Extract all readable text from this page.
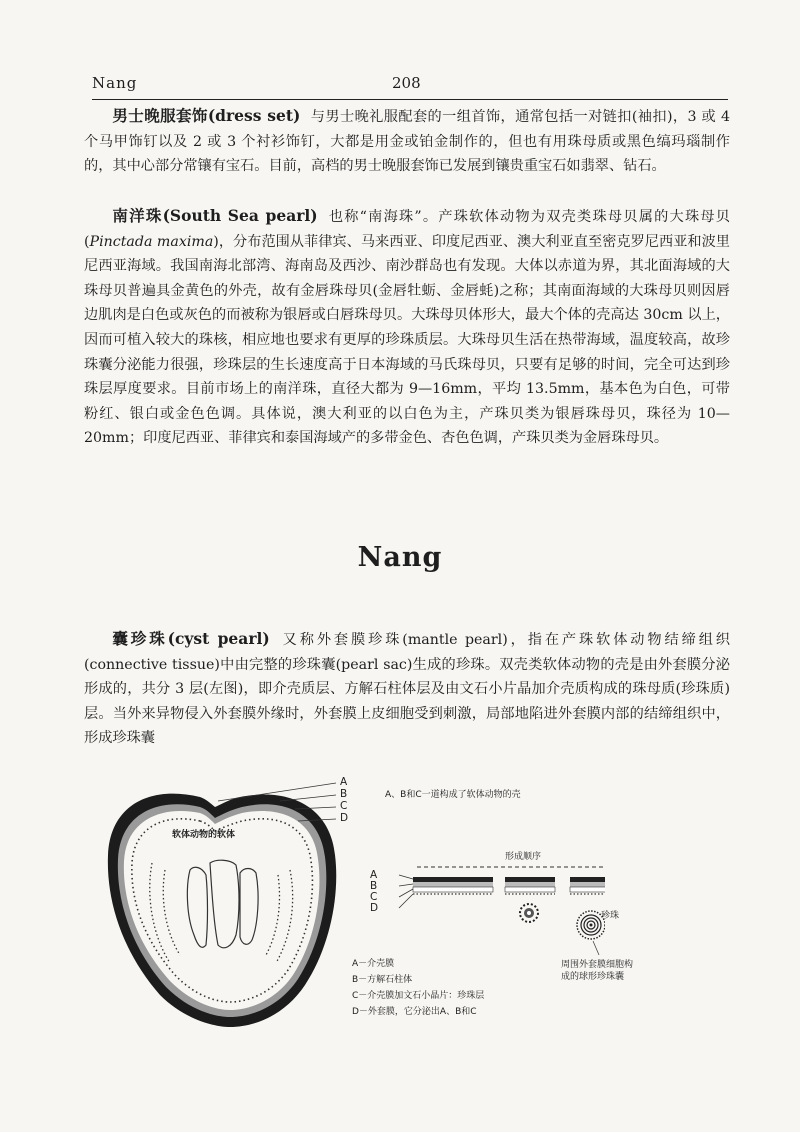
Nang	208

男士晚服套饰(dress set) 与男士晚礼服配套的一组首饰，通常包括一对链扣(袖扣)，3 或 4 个马甲饰钉以及 2 或 3 个衬衫饰钉，大都是用金或铂金制作的，但也有用珠母质或黑色缟玛瑙制作的，其中心部分常镶有宝石。目前，高档的男士晚服套饰已发展到镶贵重宝石如翡翠、钻石。

南洋珠(South Sea pearl) 也称“南海珠”。产珠软体动物为双壳类珠母贝属的大珠母贝(Pinctada maxima)，分布范围从菲律宾、马来西亚、印度尼西亚、澳大利亚直至密克罗尼西亚和波里尼西亚海域。我国南海北部湾、海南岛及西沙、南沙群岛也有发现。大体以赤道为界，其北面海域的大珠母贝普遍具金黄色的外壳，故有金唇珠母贝(金唇牡蛎、金唇蚝)之称；其南面海域的大珠母贝则因唇边肌肉是白色或灰色的而被称为银唇或白唇珠母贝。大珠母贝体形大，最大个体的壳高达 30cm 以上，因而可植入较大的珠核，相应地也要求有更厚的珍珠质层。大珠母贝生活在热带海域，温度较高，故珍珠囊分泌能力很强，珍珠层的生长速度高于日本海域的马氏珠母贝，只要有足够的时间，完全可达到珍珠层厚度要求。目前市场上的南洋珠，直径大都为 9—16mm，平均 13.5mm，基本色为白色，可带粉红、银白或金色色调。具体说，澳大利亚的以白色为主，产珠贝类为银唇珠母贝，珠径为 10—20mm；印度尼西亚、菲律宾和泰国海域产的多带金色、杏色色调，产珠贝类为金唇珠母贝。

Nang

囊珍珠(cyst pearl) 又称外套膜珍珠(mantle pearl)，指在产珠软体动物结缔组织(connective tissue)中由完整的珍珠囊(pearl sac)生成的珍珠。双壳类软体动物的壳是由外套膜分泌形成的，共分 3 层(左图)，即介壳质层、方解石柱体层及由文石小片晶加介壳质构成的珠母质(珍珠质)层。当外来异物侵入外套膜外缘时，外套膜上皮细胞受到刺激，局部地陷进外套膜内部的结缔组织中，形成珍珠囊

A
B
C
D
软体动物的软体
A、B和C一道构成了软体动物的壳
形成顺序
A
B
C
D
珍珠
周围外套膜细胞构
成的球形珍珠囊
A－介壳膜
B－方解石柱体
C－介壳膜加文石小晶片：珍珠层
D－外套膜，它分泌出A、B和C
